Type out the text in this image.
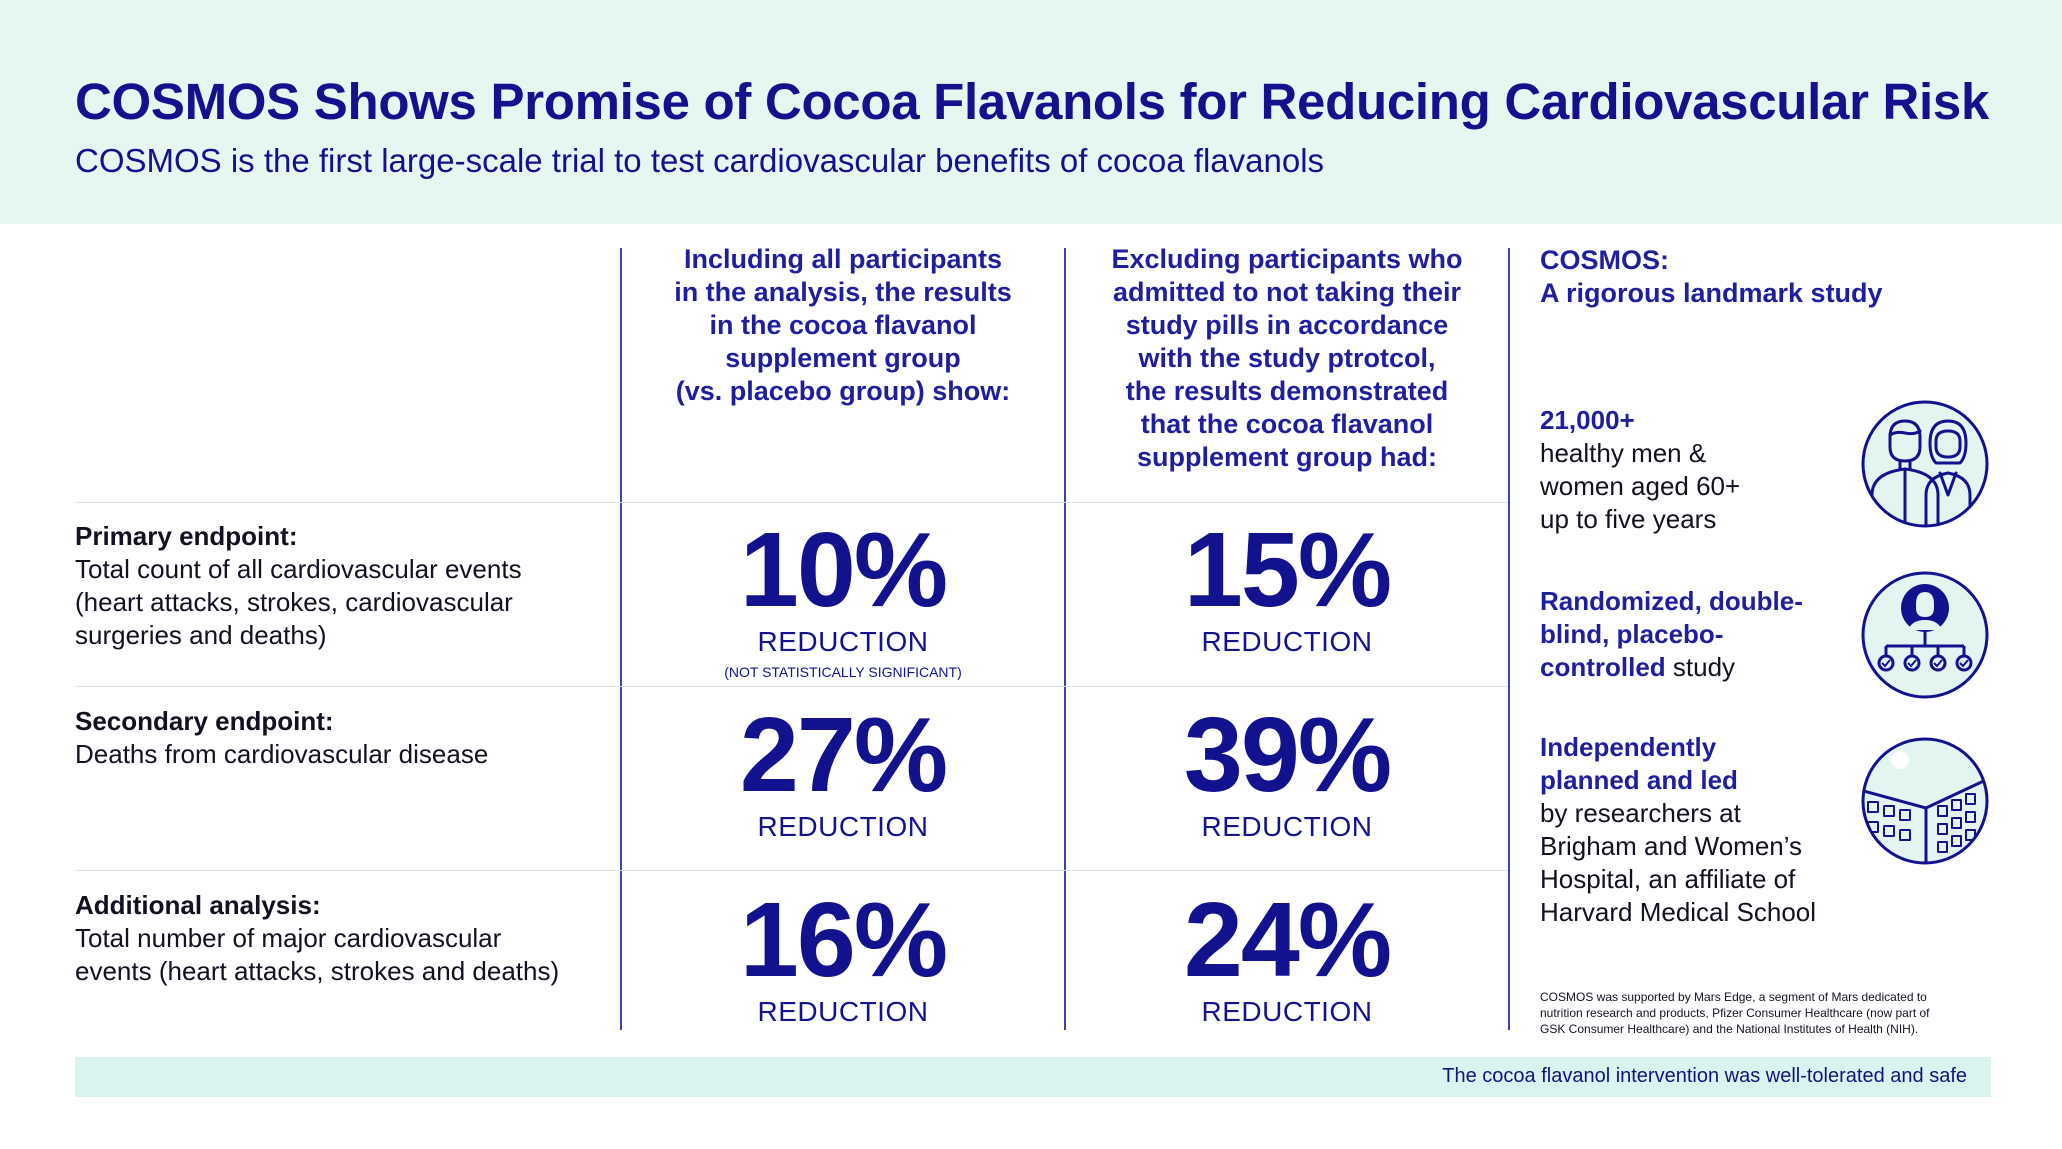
COSMOS Shows Promise of Cocoa Flavanols for Reducing Cardiovascular Risk

COSMOS is the first large-scale trial to test cardiovascular benefits of cocoa flavanols

Including all participants
in the analysis, the results
in the cocoa flavanol
supplement group
(vs. placebo group) show:
Excluding participants who
admitted to not taking their
study pills in accordance
with the study ptrotcol,
the results demonstrated
that the cocoa flavanol
supplement group had:
Primary endpoint:
Total count of all cardiovascular events
(heart attacks, strokes, cardiovascular
surgeries and deaths)
10%
REDUCTION
(NOT STATISTICALLY SIGNIFICANT)
15%
REDUCTION
Secondary endpoint:
Deaths from cardiovascular disease	27%
REDUCTION
39%
REDUCTION
Additional analysis:
Total number of major cardiovascular
events (heart attacks, strokes and deaths)	16%
REDUCTION
24%
REDUCTION
COSMOS:
A rigorous landmark study
21,000+
healthy men &
women aged 60+
up to five years
Randomized, double-
blind, placebo-
controlled study
Independently
planned and led
by researchers at
Brigham and Women’s
Hospital, an affiliate of
Harvard Medical School
COSMOS was supported by Mars Edge, a segment of Mars dedicated to
nutrition research and products, Pfizer Consumer Healthcare (now part of
GSK Consumer Healthcare) and the National Institutes of Health (NIH).
The cocoa flavanol intervention was well-tolerated and safe
